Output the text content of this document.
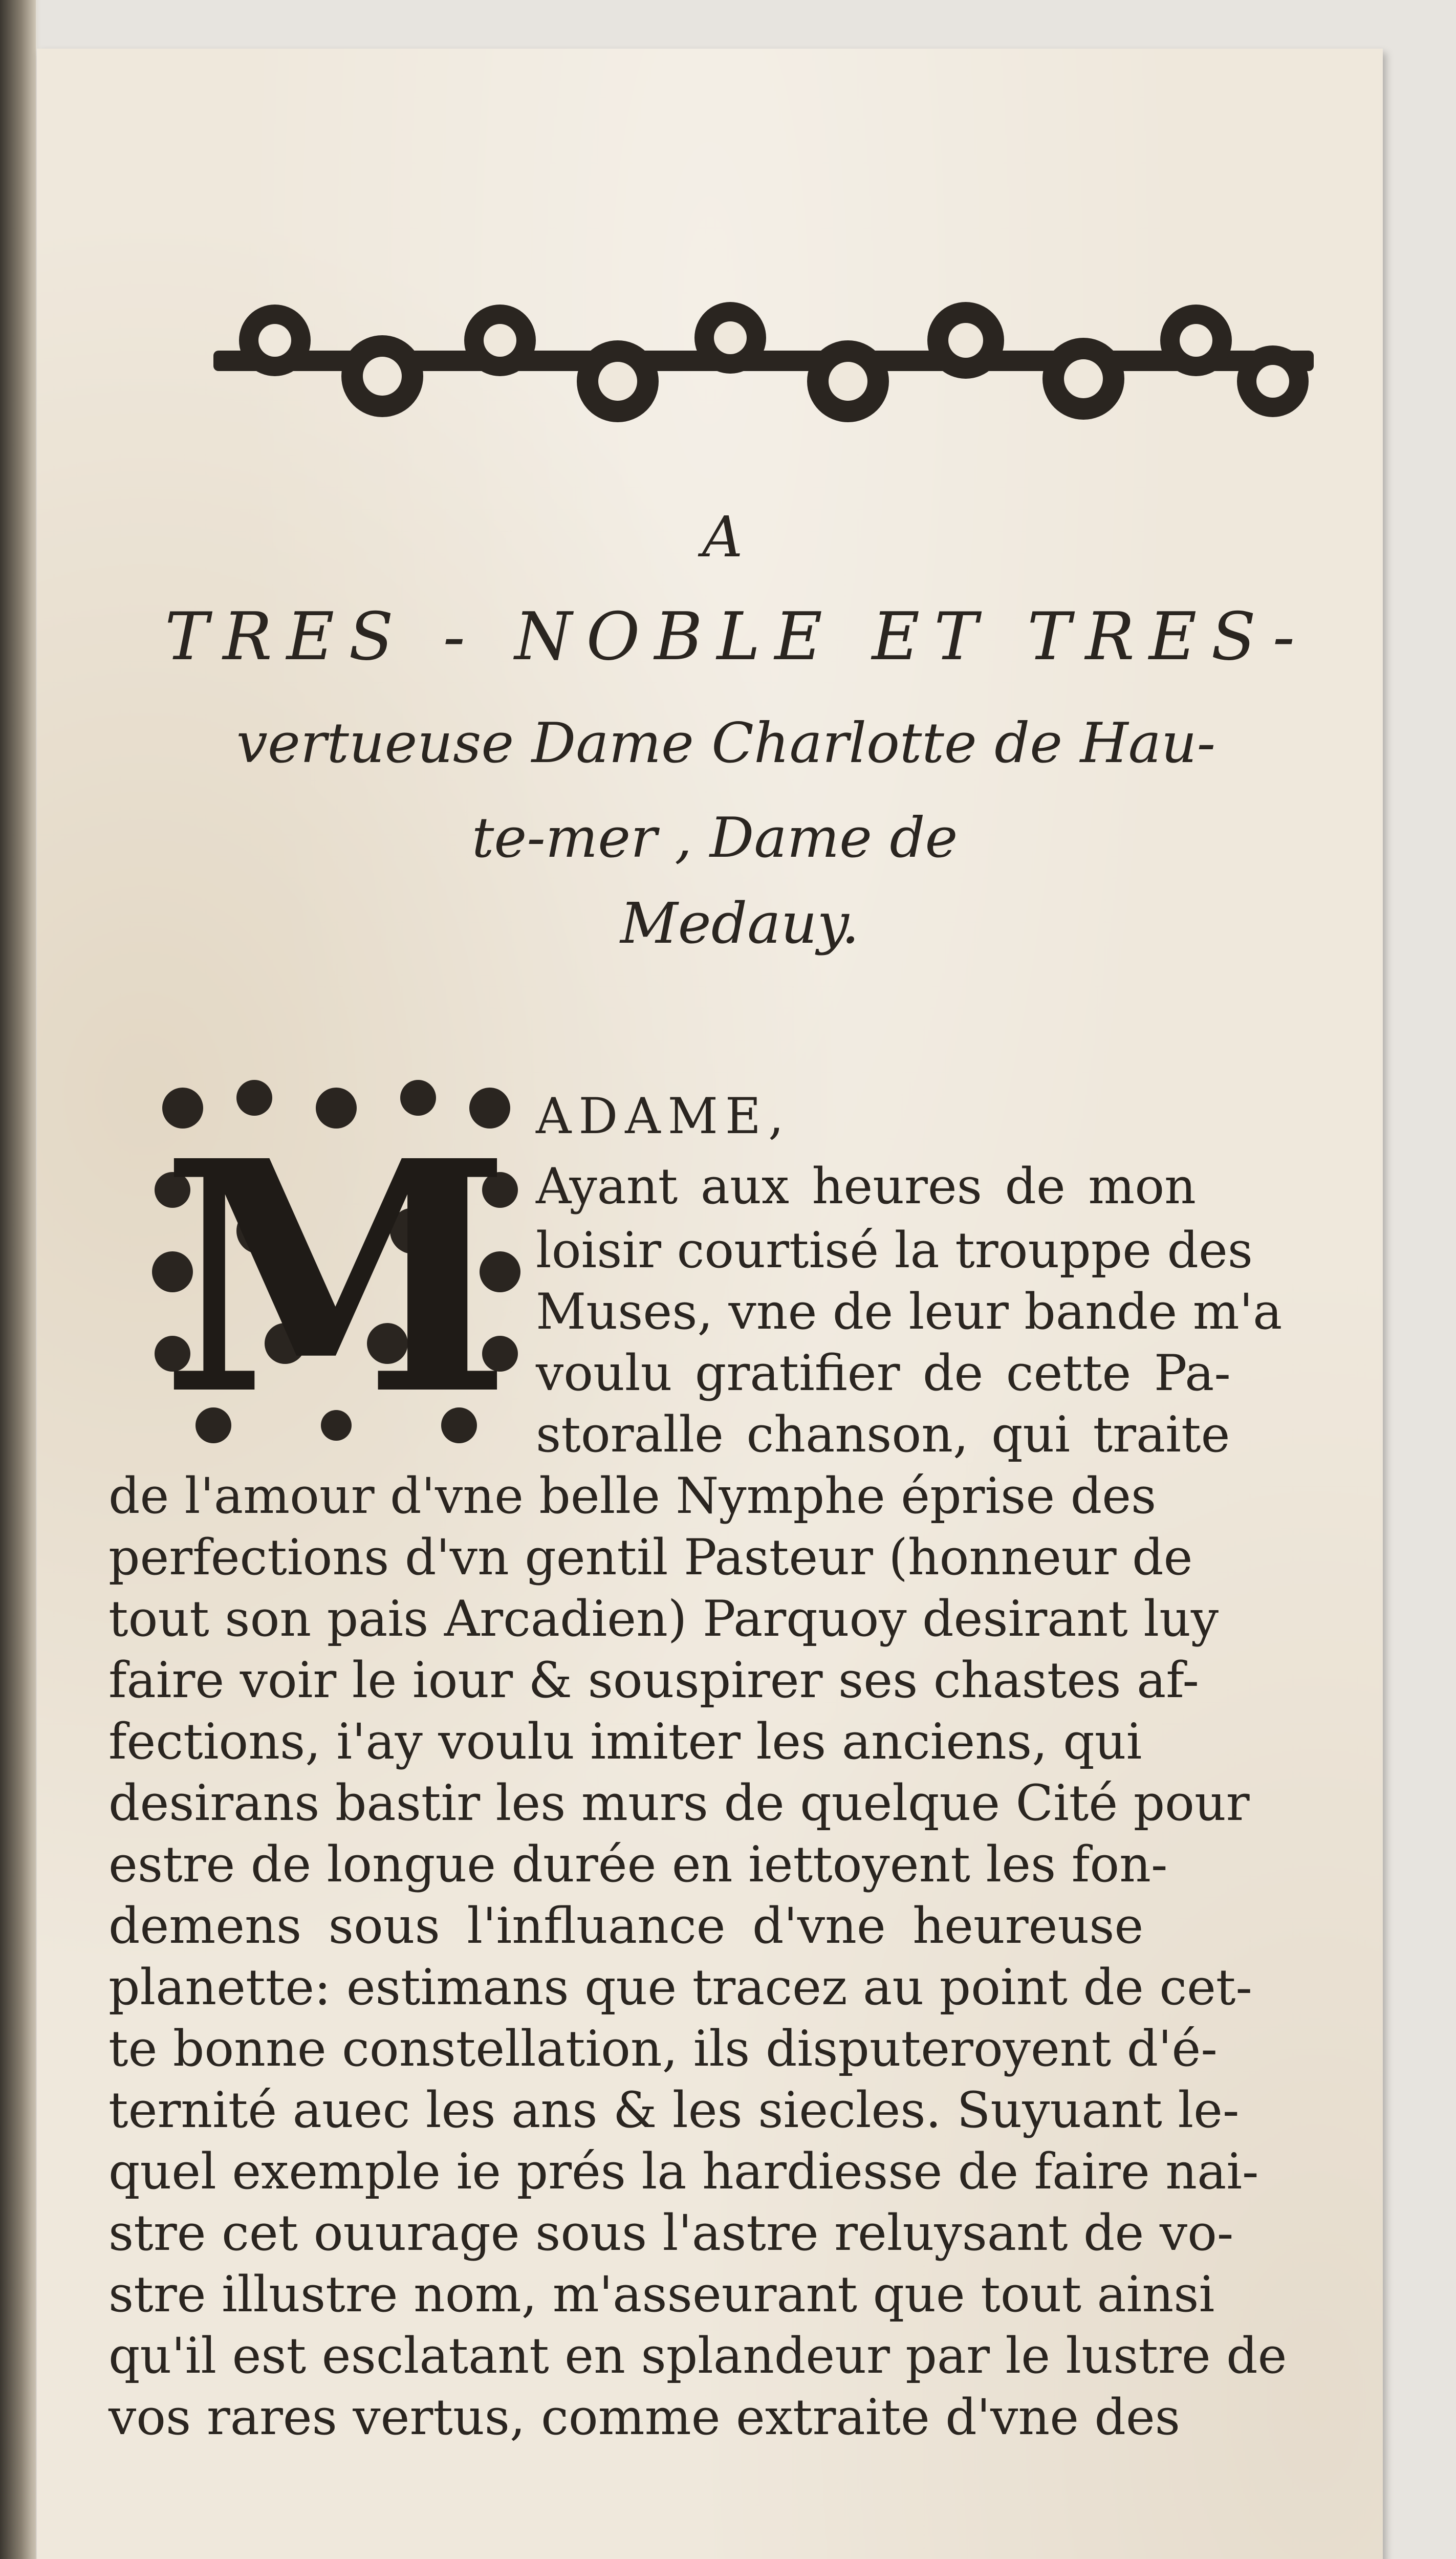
A
TRES - NOBLE ET TRES-
vertueuse Dame Charlotte de Hau-
te-mer , Dame de
Medauy.
M ADAME,
Ayant aux heures de mon
loisir courtisé la trouppe des
Muses, vne de leur bande m'a
voulu gratifier de cette Pa-
storalle chanson, qui traite
de l'amour d'vne belle Nymphe éprise des
perfections d'vn gentil Pasteur (honneur de
tout son pais Arcadien) Parquoy desirant luy
faire voir le iour & souspirer ses chastes af-
fections, i'ay voulu imiter les anciens, qui
desirans bastir les murs de quelque Cité pour
estre de longue durée en iettoyent les fon-
demens sous l'influance d'vne heureuse
planette: estimans que tracez au point de cet-
te bonne constellation, ils disputeroyent d'é-
ternité auec les ans & les siecles. Suyuant le-
quel exemple ie prés la hardiesse de faire nai-
stre cet ouurage sous l'astre reluysant de vo-
stre illustre nom, m'asseurant que tout ainsi
qu'il est esclatant en splandeur par le lustre de
vos rares vertus, comme extraite d'vne des
